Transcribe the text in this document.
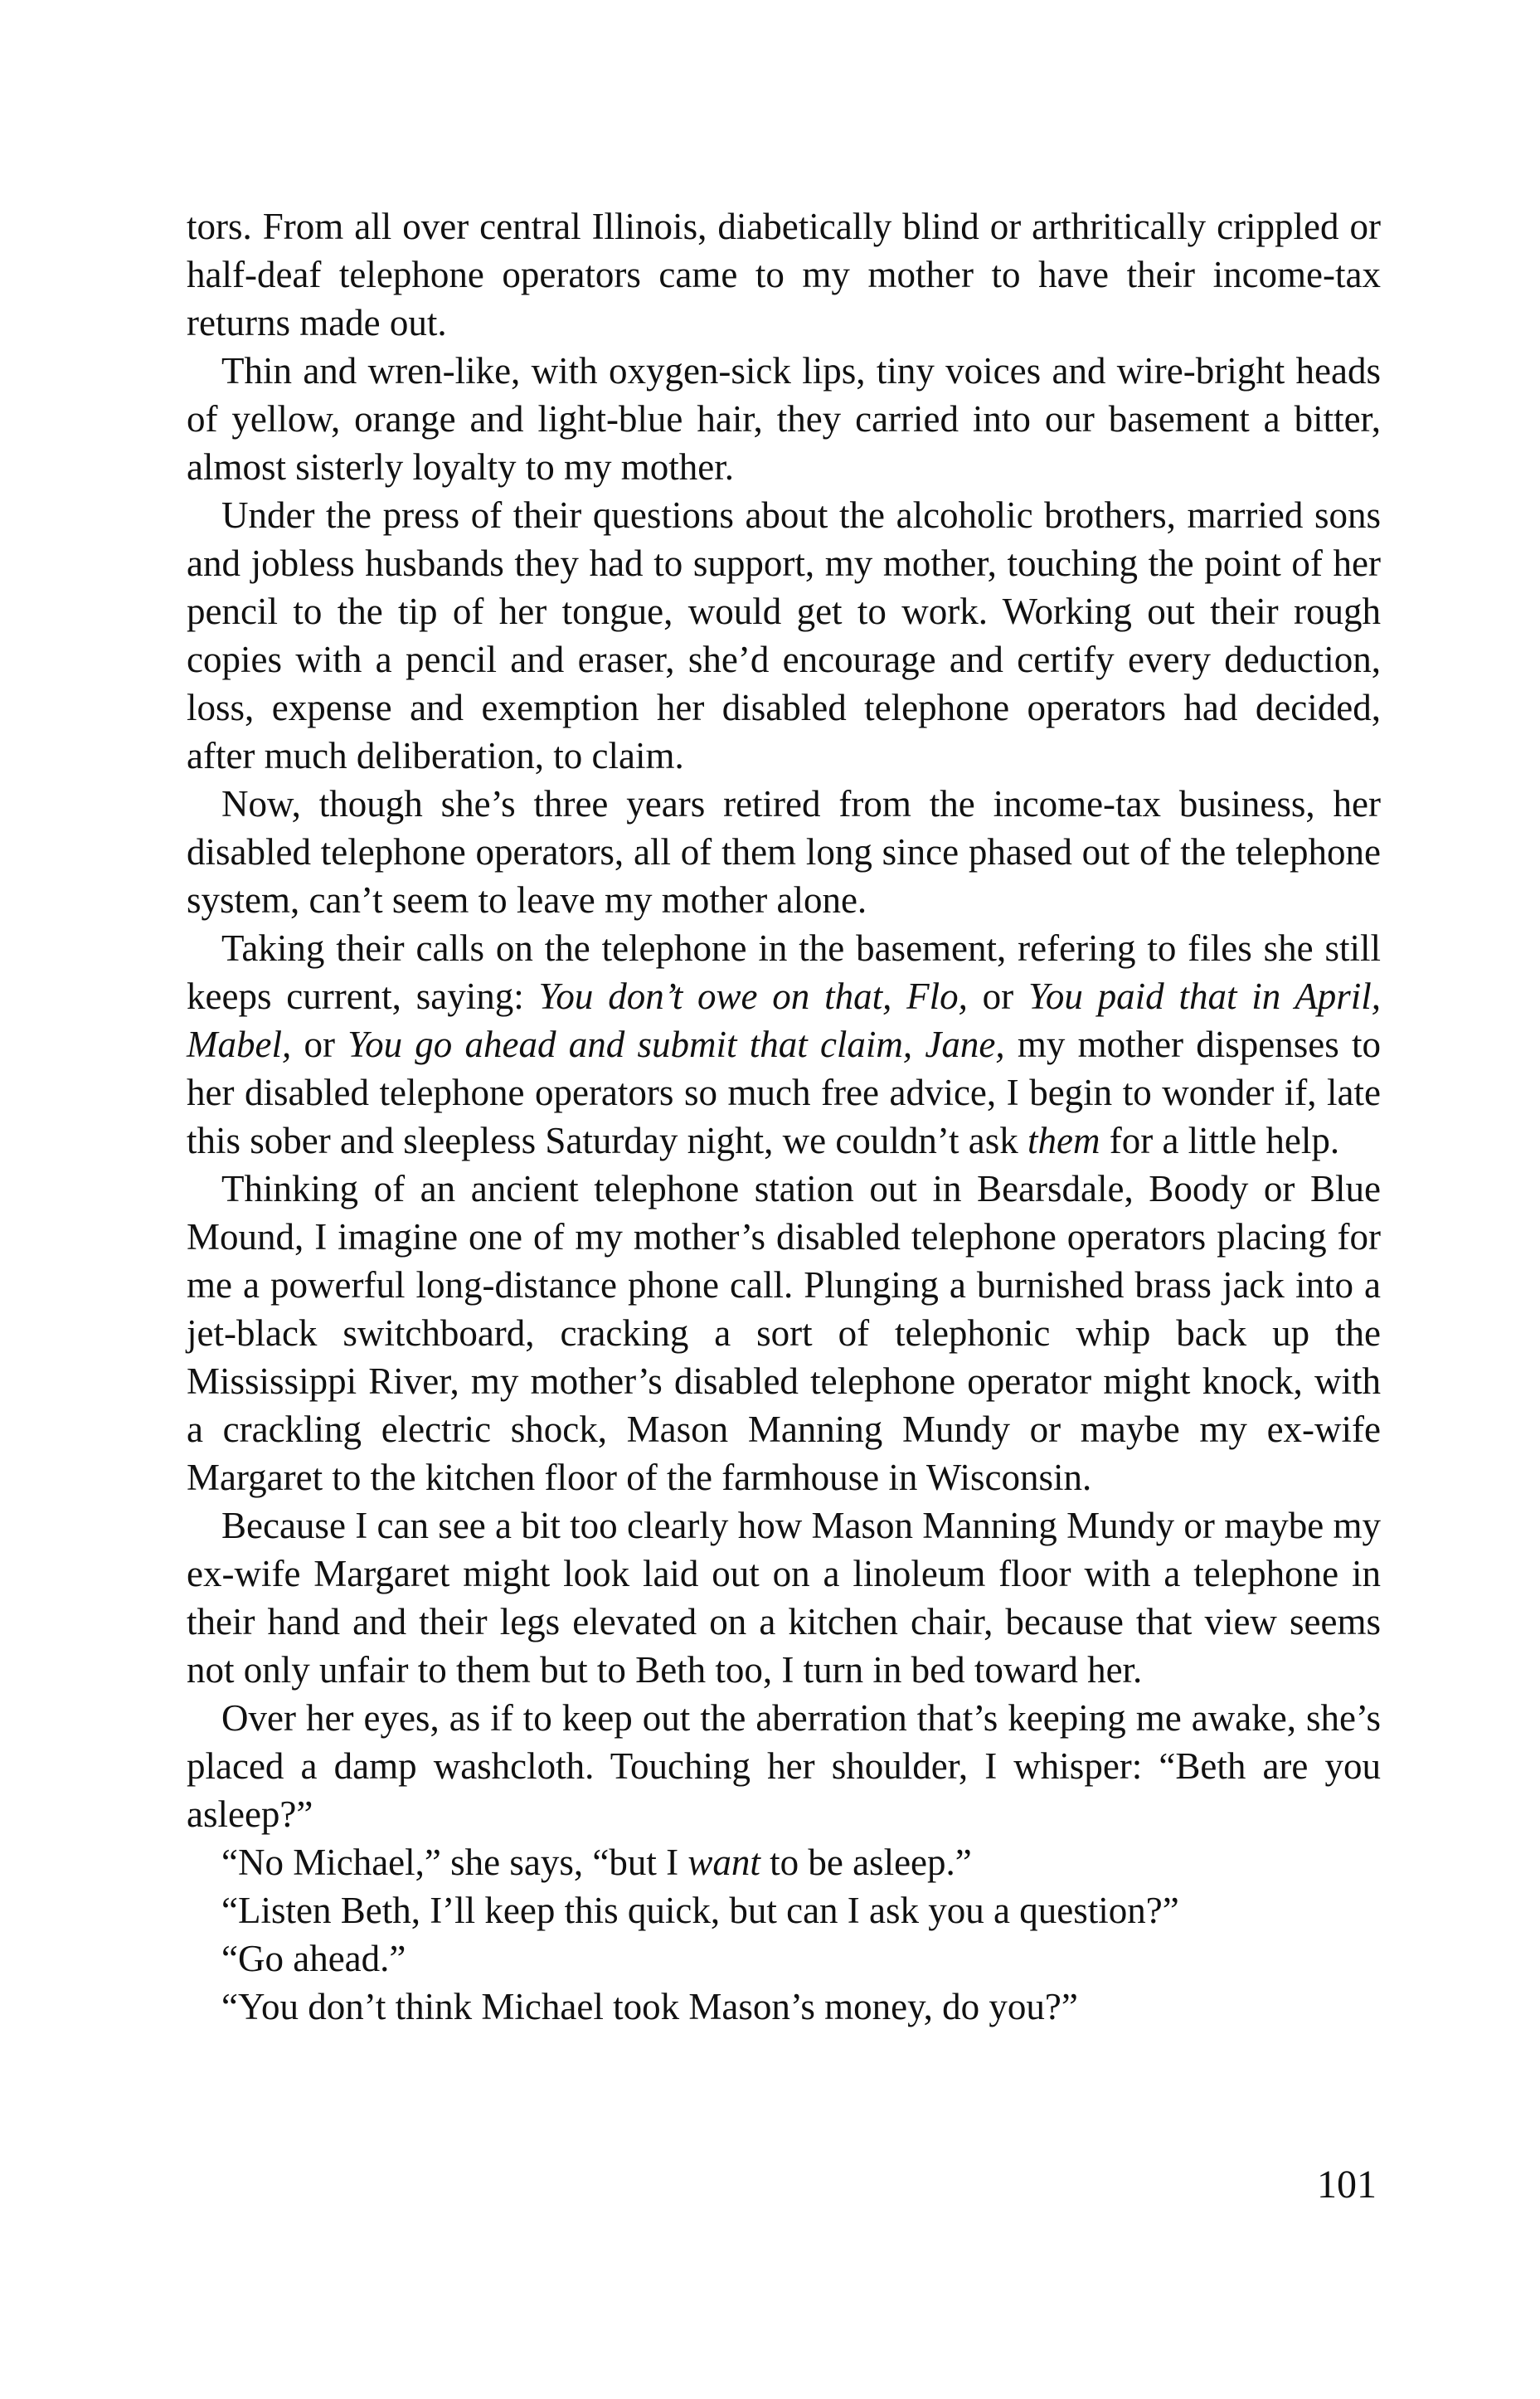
tors. From all over central Illinois, diabetically blind or arthritically crippled or half-deaf telephone operators came to my mother to have their income-tax returns made out.

Thin and wren-like, with oxygen-sick lips, tiny voices and wire-bright heads of yellow, orange and light-blue hair, they carried into our basement a bitter, almost sisterly loyalty to my mother.

Under the press of their questions about the alcoholic brothers, married sons and jobless husbands they had to support, my mother, touching the point of her pencil to the tip of her tongue, would get to work. Working out their rough copies with a pencil and eraser, she’d encourage and certify every deduction, loss, expense and exemption her disabled telephone operators had decided, after much deliberation, to claim.

Now, though she’s three years retired from the income-tax business, her disabled telephone operators, all of them long since phased out of the telephone system, can’t seem to leave my mother alone.

Taking their calls on the telephone in the basement, refering to files she still keeps current, saying: You don’t owe on that, Flo, or You paid that in April, Mabel, or You go ahead and submit that claim, Jane, my mother dispenses to her disabled telephone operators so much free advice, I begin to wonder if, late this sober and sleepless Saturday night, we couldn’t ask them for a little help.

Thinking of an ancient telephone station out in Bearsdale, Boody or Blue Mound, I imagine one of my mother’s disabled telephone operators placing for me a powerful long-distance phone call. Plunging a burnished brass jack into a jet-black switchboard, cracking a sort of telephonic whip back up the Mississippi River, my mother’s disabled telephone operator might knock, with a crackling electric shock, Mason Manning Mundy or maybe my ex-wife Margaret to the kitchen floor of the farmhouse in Wisconsin.

Because I can see a bit too clearly how Mason Manning Mundy or maybe my ex-wife Margaret might look laid out on a linoleum floor with a telephone in their hand and their legs elevated on a kitchen chair, because that view seems not only unfair to them but to Beth too, I turn in bed toward her.

Over her eyes, as if to keep out the aberration that’s keeping me awake, she’s placed a damp washcloth. Touching her shoulder, I whisper: “Beth are you asleep?”

“No Michael,” she says, “but I want to be asleep.”

“Listen Beth, I’ll keep this quick, but can I ask you a question?”

“Go ahead.”

“You don’t think Michael took Mason’s money, do you?”

101
